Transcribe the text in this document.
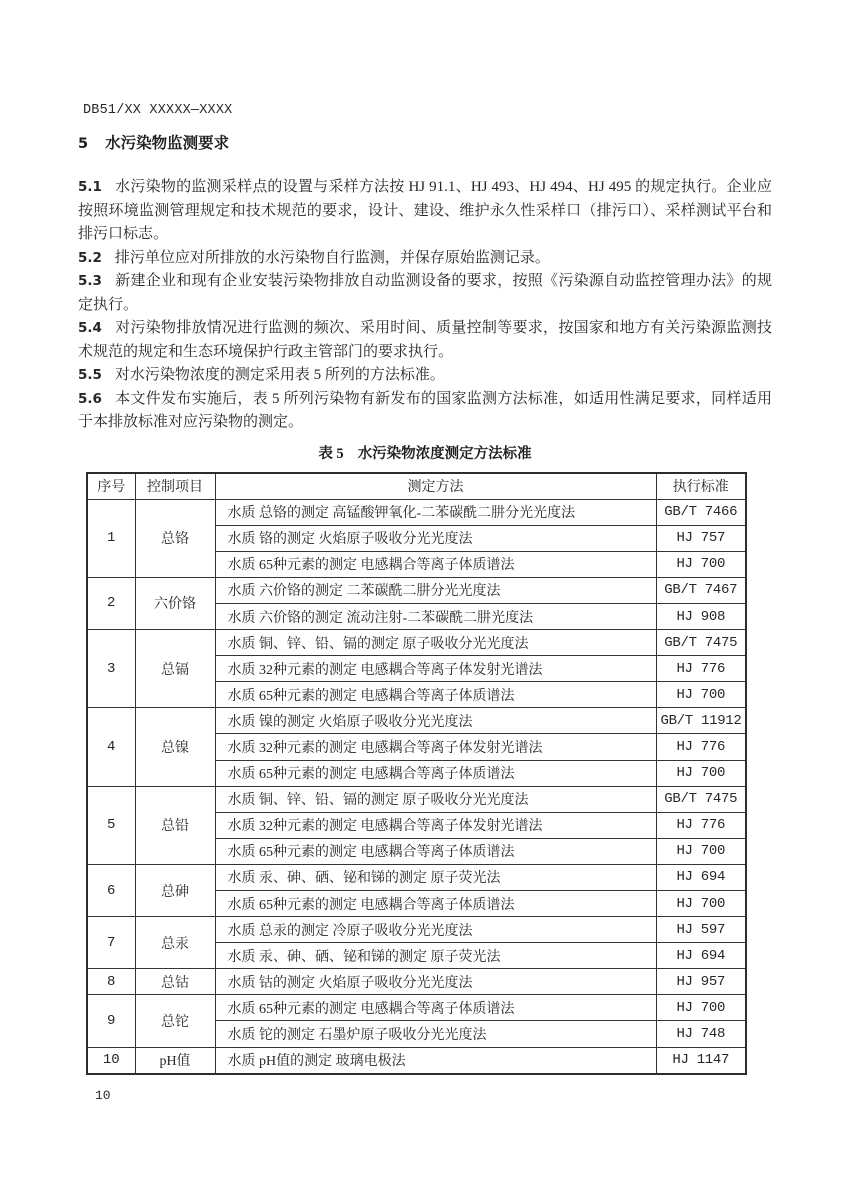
DB51/XX XXXXX—XXXX
5 水污染物监测要求

5.1 水污染物的监测采样点的设置与采样方法按 HJ 91.1、HJ 493、HJ 494、HJ 495 的规定执行。企业应按照环境监测管理规定和技术规范的要求，设计、建设、维护永久性采样口（排污口）、采样测试平台和排污口标志。

5.2 排污单位应对所排放的水污染物自行监测，并保存原始监测记录。

5.3 新建企业和现有企业安装污染物排放自动监测设备的要求，按照《污染源自动监控管理办法》的规定执行。

5.4 对污染物排放情况进行监测的频次、采用时间、质量控制等要求，按国家和地方有关污染源监测技术规范的规定和生态环境保护行政主管部门的要求执行。

5.5 对水污染物浓度的测定采用表 5 所列的方法标准。

5.6 本文件发布实施后，表 5 所列污染物有新发布的国家监测方法标准，如适用性满足要求，同样适用于本排放标准对应污染物的测定。

表 5 水污染物浓度测定方法标准
序号	控制项目	测定方法	执行标准
1	总铬	水质 总铬的测定 高锰酸钾氧化-二苯碳酰二肼分光光度法	GB/T 7466
		水质 铬的测定 火焰原子吸收分光光度法	HJ 757
		水质 65种元素的测定 电感耦合等离子体质谱法	HJ 700
2	六价铬	水质 六价铬的测定 二苯碳酰二肼分光光度法	GB/T 7467
		水质 六价铬的测定 流动注射-二苯碳酰二肼光度法	HJ 908
3	总镉	水质 铜、锌、铅、镉的测定 原子吸收分光光度法	GB/T 7475
		水质 32种元素的测定 电感耦合等离子体发射光谱法	HJ 776
		水质 65种元素的测定 电感耦合等离子体质谱法	HJ 700
4	总镍	水质 镍的测定 火焰原子吸收分光光度法	GB/T 11912
		水质 32种元素的测定 电感耦合等离子体发射光谱法	HJ 776
		水质 65种元素的测定 电感耦合等离子体质谱法	HJ 700
5	总铅	水质 铜、锌、铅、镉的测定 原子吸收分光光度法	GB/T 7475
		水质 32种元素的测定 电感耦合等离子体发射光谱法	HJ 776
		水质 65种元素的测定 电感耦合等离子体质谱法	HJ 700
6	总砷	水质 汞、砷、硒、铋和锑的测定 原子荧光法	HJ 694
		水质 65种元素的测定 电感耦合等离子体质谱法	HJ 700
7	总汞	水质 总汞的测定 冷原子吸收分光光度法	HJ 597
		水质 汞、砷、硒、铋和锑的测定 原子荧光法	HJ 694
8	总钴	水质 钴的测定 火焰原子吸收分光光度法	HJ 957
9	总铊	水质 65种元素的测定 电感耦合等离子体质谱法	HJ 700
		水质 铊的测定 石墨炉原子吸收分光光度法	HJ 748
10	pH值	水质 pH值的测定 玻璃电极法	HJ 1147
10
